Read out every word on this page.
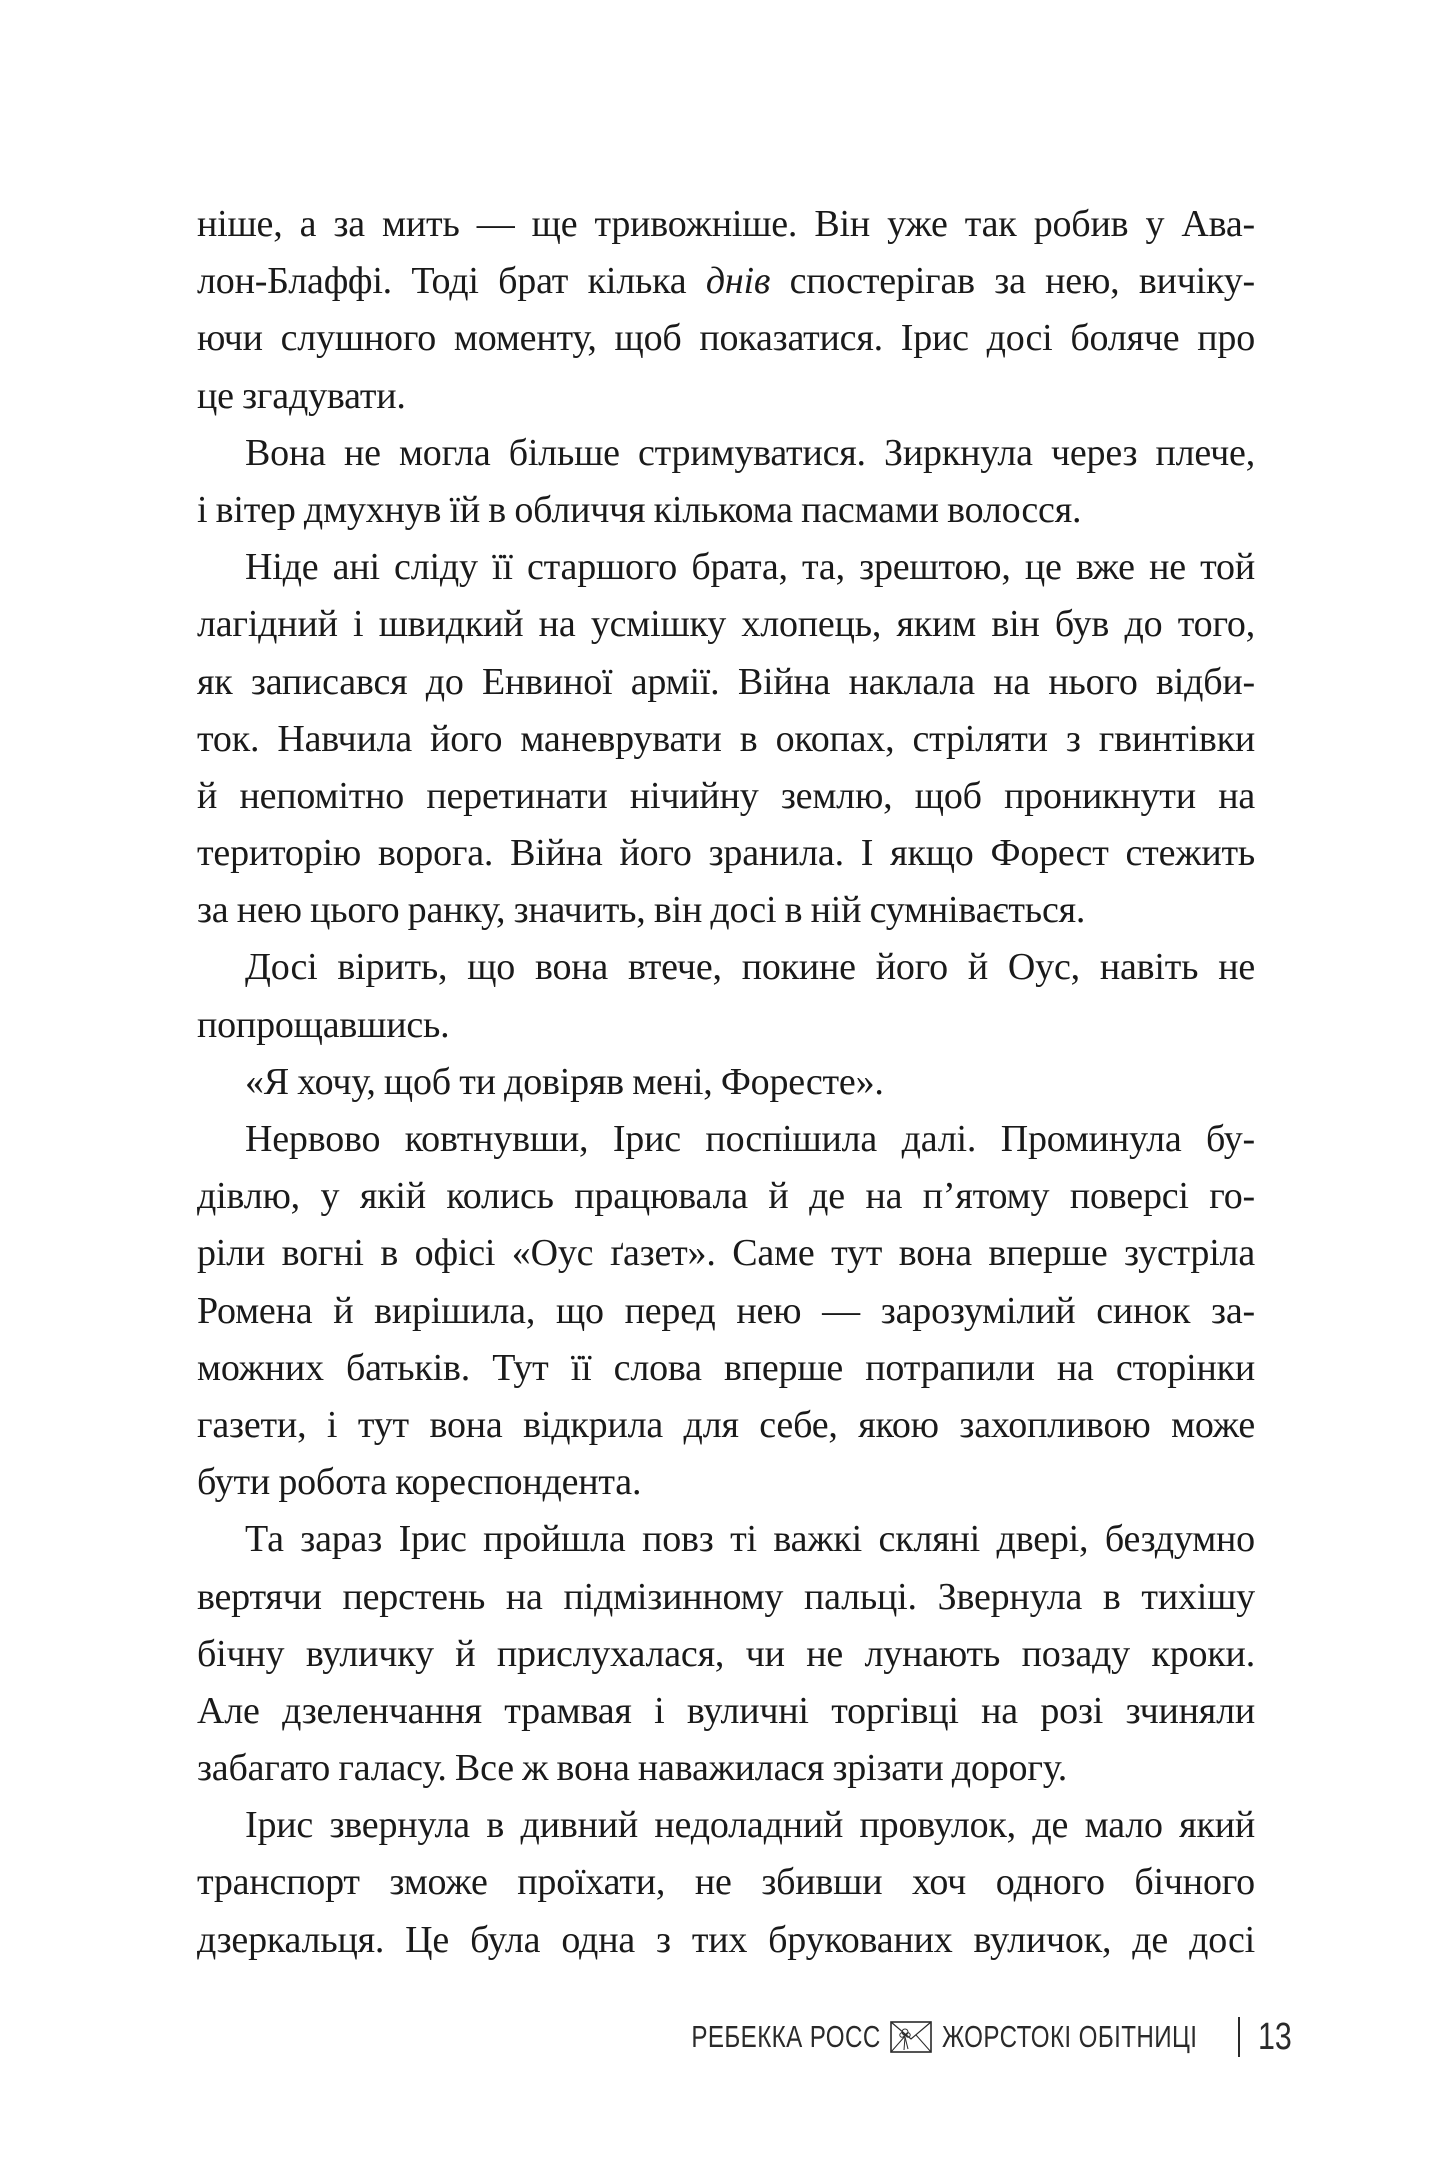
ніше, а за мить — ще тривожніше. Він уже так робив у Ава-
лон-Блаффі. Тоді брат кілька днів спостерігав за нею, вичіку-
ючи слушного моменту, щоб показатися. Ірис досі боляче про
це згадувати.
Вона не могла більше стримуватися. Зиркнула через плече,
і вітер дмухнув їй в обличчя кількома пасмами волосся.
Ніде ані сліду її старшого брата, та, зрештою, це вже не той
лагідний і швидкий на усмішку хлопець, яким він був до того,
як записався до Енвиної армії. Війна наклала на нього відби-
ток. Навчила його маневрувати в окопах, стріляти з гвинтівки
й непомітно перетинати нічийну землю, щоб проникнути на
територію ворога. Війна його зранила. І якщо Форест стежить
за нею цього ранку, значить, він досі в ній сумнівається.
Досі вірить, що вона втече, покине його й Оус, навіть не
попрощавшись.
«Я хочу, щоб ти довіряв мені, Форесте».
Нервово ковтнувши, Ірис поспішила далі. Проминула бу-
дівлю, у якій колись працювала й де на п’ятому поверсі го-
ріли вогні в офісі «Оус ґазет». Саме тут вона вперше зустріла
Ромена й вирішила, що перед нею — зарозумілий синок за-
можних батьків. Тут її слова вперше потрапили на сторінки
газети, і тут вона відкрила для себе, якою захопливою може
бути робота кореспондента.
Та зараз Ірис пройшла повз ті важкі скляні двері, бездумно
вертячи перстень на підмізинному пальці. Звернула в тихішу
бічну вуличку й прислухалася, чи не лунають позаду кроки.
Але дзеленчання трамвая і вуличні торгівці на розі зчиняли
забагато галасу. Все ж вона наважилася зрізати дорогу.
Ірис звернула в дивний недоладний провулок, де мало який
транспорт зможе проїхати, не збивши хоч одного бічного
дзеркальця. Це була одна з тих брукованих вуличок, де досі
РЕБЕККА РОСС ЖОРСТОКІ ОБІТНИЦІ 13
